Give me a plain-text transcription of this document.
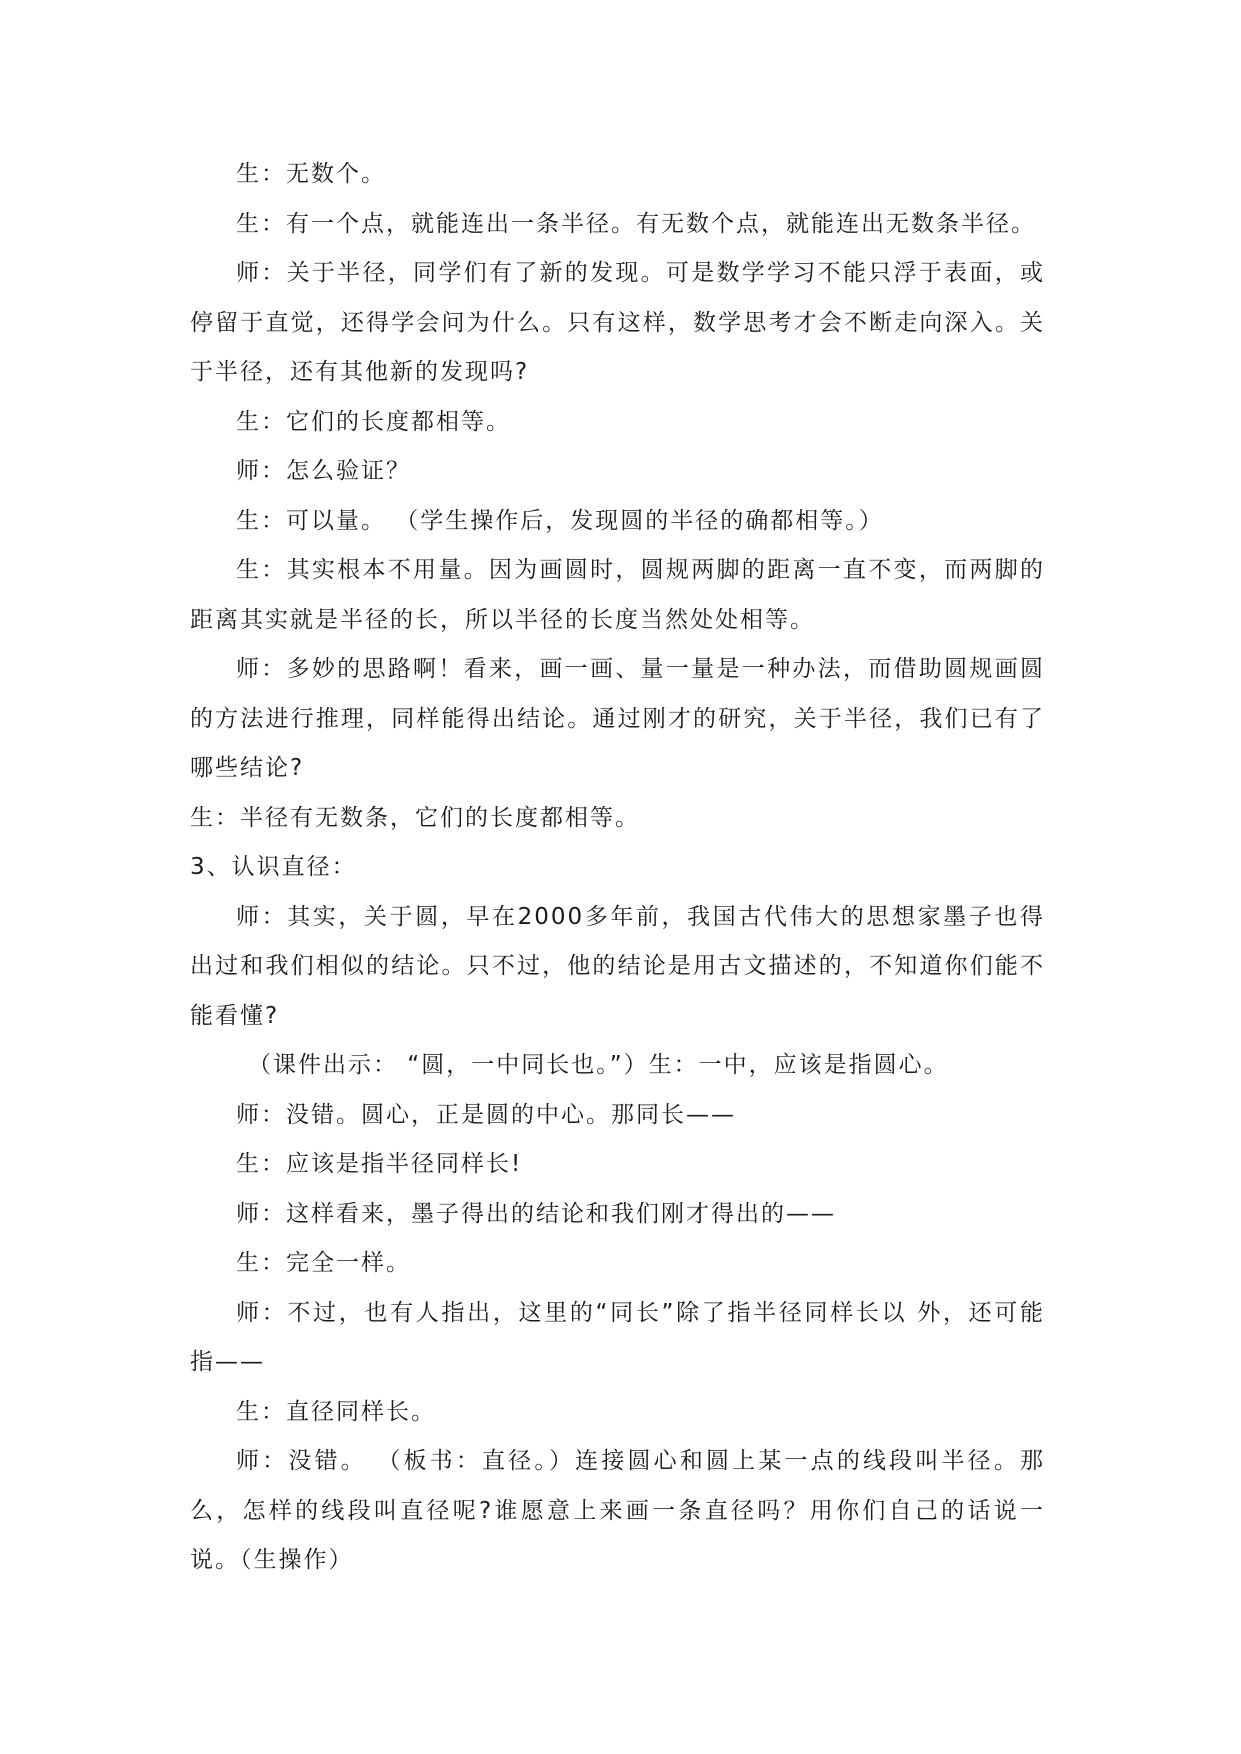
生：无数个。

生：有一个点，就能连出一条半径。有无数个点，就能连出无数条半径。

师：关于半径，同学们有了新的发现。可是数学学习不能只浮于表面，或停留于直觉，还得学会问为什么。只有这样，数学思考才会不断走向深入。关于半径，还有其他新的发现吗?

生：它们的长度都相等。

师：怎么验证？

生：可以量。 （学生操作后，发现圆的半径的确都相等。）

生：其实根本不用量。因为画圆时，圆规两脚的距离一直不变，而两脚的距离其实就是半径的长，所以半径的长度当然处处相等。

师：多妙的思路啊！看来，画一画、量一量是一种办法，而借助圆规画圆的方法进行推理，同样能得出结论。通过刚才的研究，关于半径，我们已有了哪些结论?

生：半径有无数条，它们的长度都相等。

3、认识直径：

师：其实，关于圆，早在2000多年前，我国古代伟大的思想家墨子也得出过和我们相似的结论。只不过，他的结论是用古文描述的，不知道你们能不能看懂?

（课件出示： “圆，一中同长也。”）生：一中，应该是指圆心。

师：没错。圆心，正是圆的中心。那同长——

生：应该是指半径同样长!

师：这样看来，墨子得出的结论和我们刚才得出的——

生：完全一样。

师：不过，也有人指出，这里的“同长”除了指半径同样长以 外，还可能指——

生：直径同样长。

师：没错。 （板书：直径。）连接圆心和圆上某一点的线段叫半径。那么，怎样的线段叫直径呢?谁愿意上来画一条直径吗？用你们自己的话说一说。（生操作）
